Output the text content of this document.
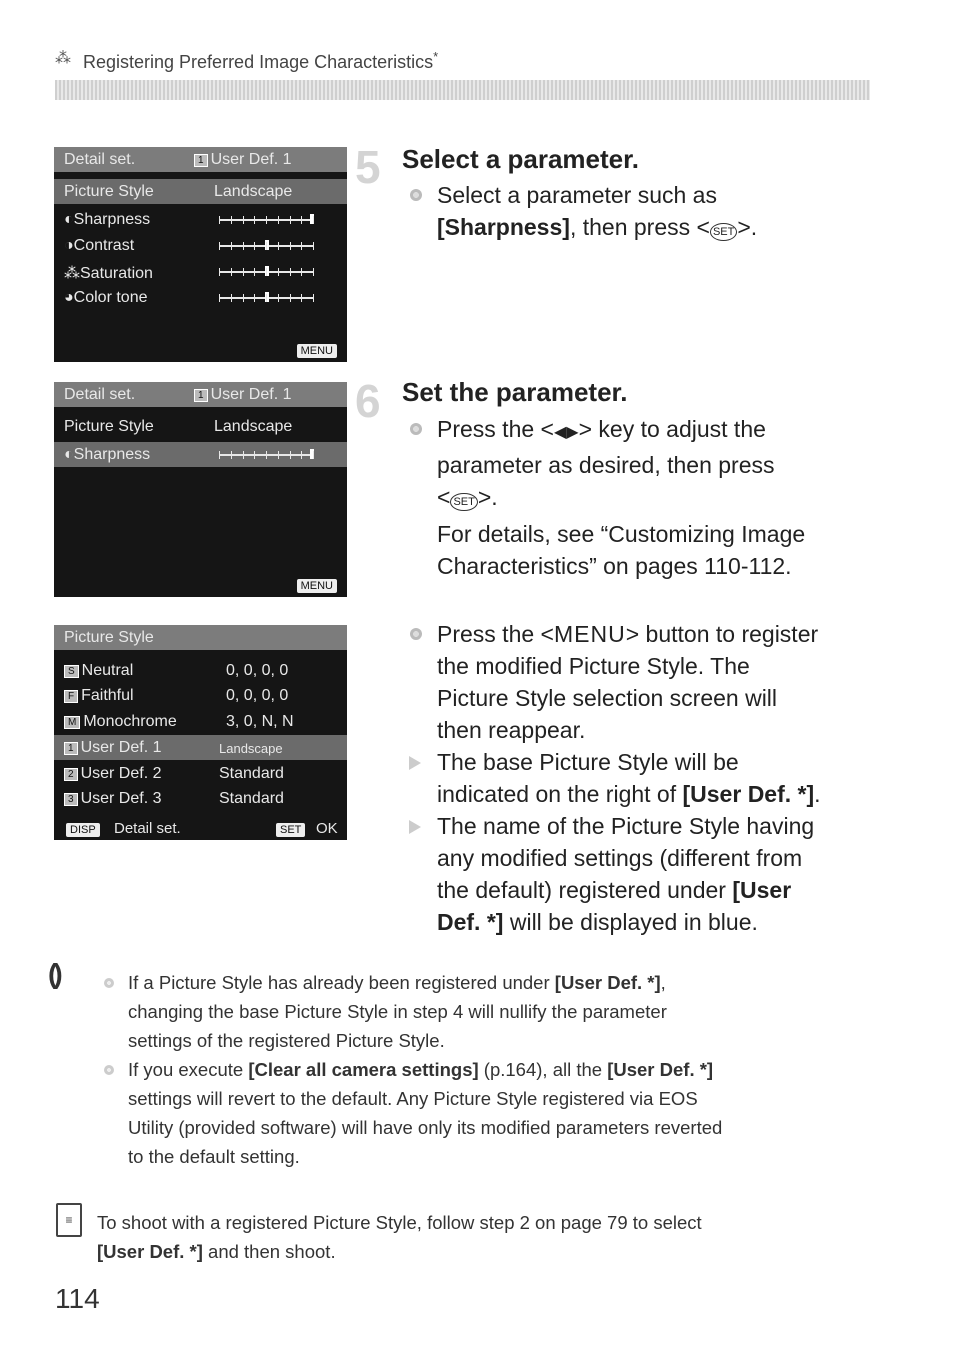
⁂ Registering Preferred Image Characteristics*
Detail set.	1 User Def. 1
Picture Style	Landscape
◐Sharpness
◑Contrast
⁂Saturation
◕Color tone
MENU
Detail set.	1 User Def. 1
Picture Style	Landscape
◐Sharpness
MENU
Picture Style
S Neutral	0, 0, 0, 0
F Faithful	0, 0, 0, 0
M Monochrome	3, 0, N, N
1 User Def. 1	Landscape
2 User Def. 2	Standard
3 User Def. 3	Standard
DISP Detail set.	SET OK
5 Select a parameter.
Select a parameter such as
[Sharpness], then press < SET >.
6 Set the parameter.
Press the <◀▶> key to adjust the
parameter as desired, then press
< SET >.
For details, see “Customizing Image
Characteristics” on pages 110-112.
Press the <MENU> button to register
the modified Picture Style. The
Picture Style selection screen will
then reappear.
The base Picture Style will be
indicated on the right of [User Def. *].
The name of the Picture Style having
any modified settings (different from
the default) registered under [User
Def. *] will be displayed in blue.
()	If a Picture Style has already been registered under [User Def. *],
changing the base Picture Style in step 4 will nullify the parameter
settings of the registered Picture Style.
If you execute [Clear all camera settings] (p.164), all the [User Def. *]
settings will revert to the default. Any Picture Style registered via EOS
Utility (provided software) will have only its modified parameters reverted
to the default setting.
≡	To shoot with a registered Picture Style, follow step 2 on page 79 to select
[User Def. *] and then shoot.
114
